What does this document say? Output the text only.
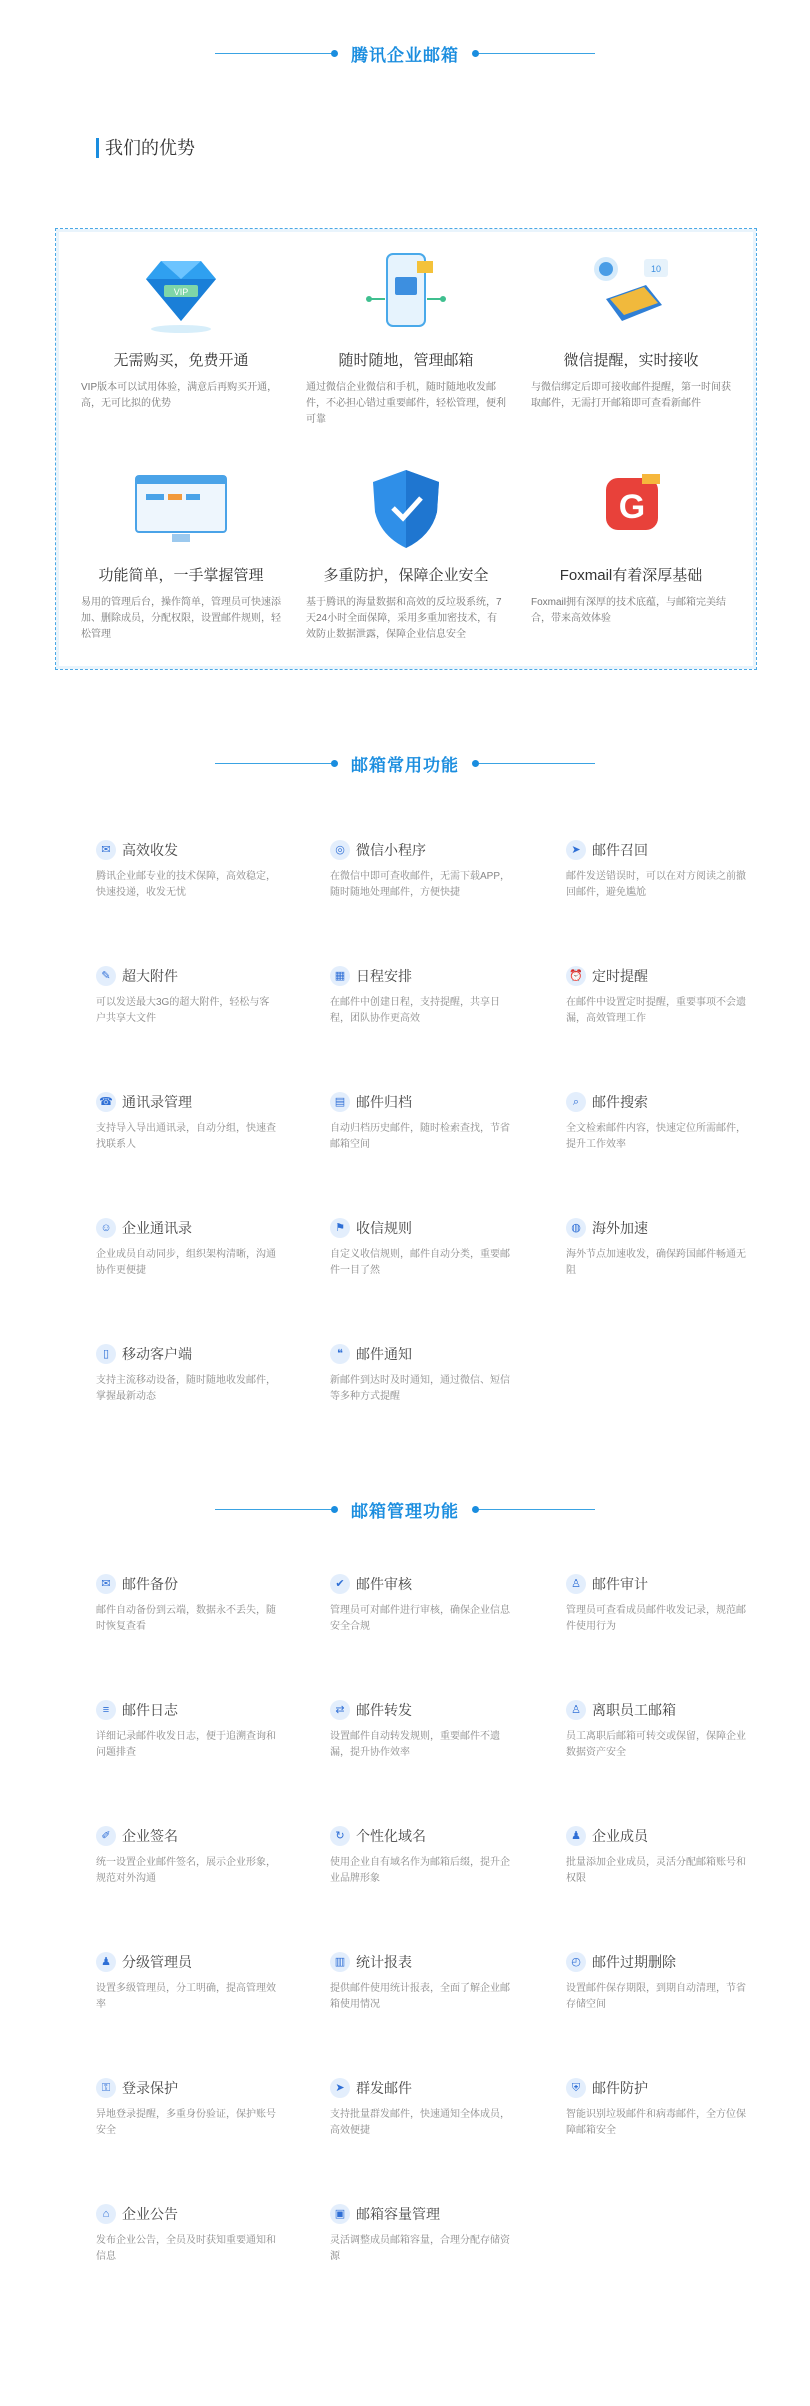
腾讯企业邮箱
我们的优势
VIP
无需购买，免费开通
VIP版本可以试用体验，满意后再购买开通，高，无可比拟的优势
随时随地，管理邮箱
通过微信企业微信和手机，随时随地收发邮件，不必担心错过重要邮件，轻松管理，便利可靠
10
微信提醒，实时接收
与微信绑定后即可接收邮件提醒，第一时间获取邮件，无需打开邮箱即可查看新邮件
功能简单，一手掌握管理
易用的管理后台，操作简单，管理员可快速添加、删除成员，分配权限，设置邮件规则，轻松管理
多重防护，保障企业安全
基于腾讯的海量数据和高效的反垃圾系统，7天24小时全面保障，采用多重加密技术，有效防止数据泄露，保障企业信息安全
G
Foxmail有着深厚基础
Foxmail拥有深厚的技术底蕴，与邮箱完美结合，带来高效体验
邮箱常用功能
✉ 高效收发
腾讯企业邮专业的技术保障，高效稳定，快速投递，收发无忧
◎ 微信小程序
在微信中即可查收邮件，无需下载APP，随时随地处理邮件，方便快捷
➤ 邮件召回
邮件发送错误时，可以在对方阅读之前撤回邮件，避免尴尬
✎ 超大附件
可以发送最大3G的超大附件，轻松与客户共享大文件
▦ 日程安排
在邮件中创建日程，支持提醒，共享日程，团队协作更高效
⏰ 定时提醒
在邮件中设置定时提醒，重要事项不会遗漏，高效管理工作
☎ 通讯录管理
支持导入导出通讯录，自动分组，快速查找联系人
▤ 邮件归档
自动归档历史邮件，随时检索查找，节省邮箱空间
⌕ 邮件搜索
全文检索邮件内容，快速定位所需邮件，提升工作效率
☺ 企业通讯录
企业成员自动同步，组织架构清晰，沟通协作更便捷
⚑ 收信规则
自定义收信规则，邮件自动分类，重要邮件一目了然
◍ 海外加速
海外节点加速收发，确保跨国邮件畅通无阻
▯ 移动客户端
支持主流移动设备，随时随地收发邮件，掌握最新动态
❝ 邮件通知
新邮件到达时及时通知，通过微信、短信等多种方式提醒
邮箱管理功能
✉ 邮件备份
邮件自动备份到云端，数据永不丢失，随时恢复查看
✔ 邮件审核
管理员可对邮件进行审核，确保企业信息安全合规
♙ 邮件审计
管理员可查看成员邮件收发记录，规范邮件使用行为
≡ 邮件日志
详细记录邮件收发日志，便于追溯查询和问题排查
⇄ 邮件转发
设置邮件自动转发规则，重要邮件不遗漏，提升协作效率
♙ 离职员工邮箱
员工离职后邮箱可转交或保留，保障企业数据资产安全
✐ 企业签名
统一设置企业邮件签名，展示企业形象，规范对外沟通
↻ 个性化域名
使用企业自有域名作为邮箱后缀，提升企业品牌形象
♟ 企业成员
批量添加企业成员，灵活分配邮箱账号和权限
♟ 分级管理员
设置多级管理员，分工明确，提高管理效率
▥ 统计报表
提供邮件使用统计报表，全面了解企业邮箱使用情况
◴ 邮件过期删除
设置邮件保存期限，到期自动清理，节省存储空间
⚿ 登录保护
异地登录提醒，多重身份验证，保护账号安全
➤ 群发邮件
支持批量群发邮件，快速通知全体成员，高效便捷
⛨ 邮件防护
智能识别垃圾邮件和病毒邮件，全方位保障邮箱安全
⌂ 企业公告
发布企业公告，全员及时获知重要通知和信息
▣ 邮箱容量管理
灵活调整成员邮箱容量，合理分配存储资源
